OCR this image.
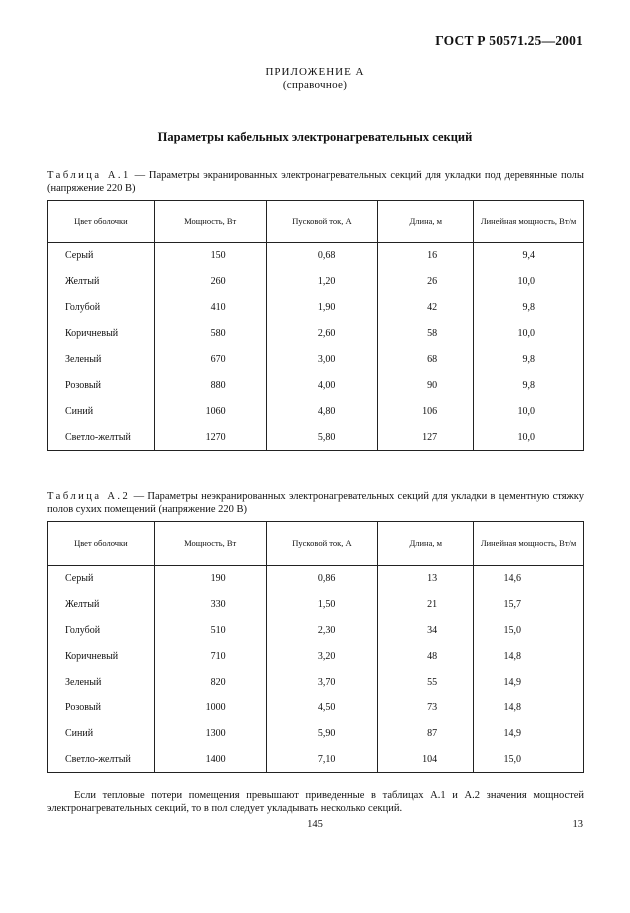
ГОСТ Р 50571.25—2001
ПРИЛОЖЕНИЕ А
(справочное)
Параметры кабельных электронагревательных секций
Таблица А.1 — Параметры экранированных электронагревательных секций для укладки под деревянные полы (напряжение 220 В)
Цвет оболочки	Мощность, Вт	Пусковой ток, А	Длина, м	Линейная мощность, Вт/м
Серый	150	0,68	16	9,4
Желтый	260	1,20	26	10,0
Голубой	410	1,90	42	9,8
Коричневый	580	2,60	58	10,0
Зеленый	670	3,00	68	9,8
Розовый	880	4,00	90	9,8
Синий	1060	4,80	106	10,0
Светло-желтый	1270	5,80	127	10,0
Таблица А.2 — Параметры неэкранированных электронагревательных секций для укладки в цементную стяжку полов сухих помещений (напряжение 220 В)
Цвет оболочки	Мощность, Вт	Пусковой ток, А	Длина, м	Линейная мощность, Вт/м
Серый	190	0,86	13	14,6
Желтый	330	1,50	21	15,7
Голубой	510	2,30	34	15,0
Коричневый	710	3,20	48	14,8
Зеленый	820	3,70	55	14,9
Розовый	1000	4,50	73	14,8
Синий	1300	5,90	87	14,9
Светло-желтый	1400	7,10	104	15,0
Если тепловые потери помещения превышают приведенные в таблицах А.1 и А.2 значения мощностей электронагревательных секций, то в пол следует укладывать несколько секций.
145	13
